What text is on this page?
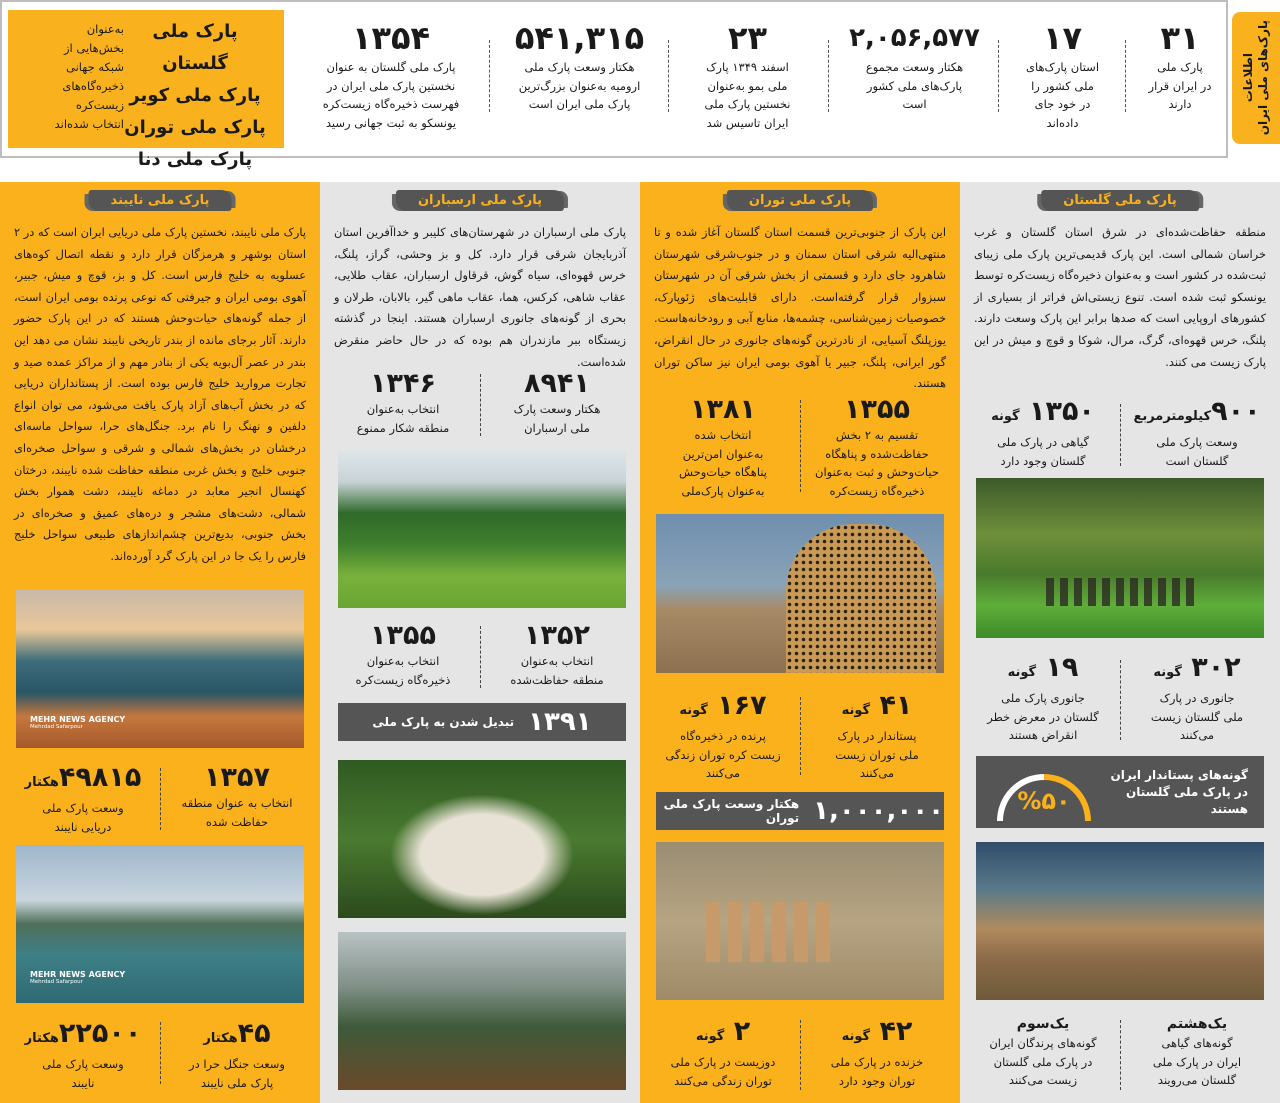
اطلاعات
پارک‌های ملی ایران
پارک ملی گلستان
پارک ملی کویر
پارک ملی توران
پارک ملی دنا
به‌عنوان
بخش‌هایی از
شبکه جهانی
ذخیره‌گاه‌های
زیست‌کره
انتخاب شده‌اند
۳۱
پارک ملی
در ایران قرار
دارند
۱۷
استان پارک‌های
ملی کشور را
در خود جای
داده‌اند
۲,۰۵۶,۵۷۷
هکتار وسعت مجموع
پارک‌های ملی کشور
است
۲۳
اسفند ۱۳۴۹ پارک
ملی بمو به‌عنوان
نخستین پارک ملی
ایران تاسیس شد
۵۴۱,۳۱۵
هکتار وسعت پارک ملی
ارومیه به‌عنوان بزرگ‌ترین
پارک ملی ایران است
۱۳۵۴
پارک ملی گلستان به عنوان
نخستین پارک ملی ایران در
فهرست ذخیره‌گاه زیست‌کره
یونسکو به ثبت جهانی رسید
پارک ملی گلستان
منطقه حفاظت‌شده‌ای در شرق استان گلستان و غرب خراسان شمالی است. این پارک قدیمی‌ترین پارک ملی زیبای ثبت‌شده در کشور است و به‌عنوان ذخیره‌گاه زیست‌کره توسط یونسکو ثبت شده است. تنوع زیستی‌اش فراتر از بسیاری از کشورهای اروپایی است که صدها برابر این پارک وسعت دارند. پلنگ، خرس قهوه‌ای، گرگ، مرال، شوکا و قوچ و میش در این پارک زیست می کنند.
۹۰۰کیلومترمربع
وسعت پارک ملی
گلستان است
۱۳۵۰ گونه
گیاهی در پارک ملی
گلستان وجود دارد
۳۰۲ گونه
جانوری در پارک
ملی گلستان زیست
می‌کنند
۱۹ گونه
جانوری پارک ملی
گلستان در معرض خطر
انقراض هستند
گونه‌های پستاندار ایران
در پارک ملی گلستان
هستند
%۵۰
یک‌هشتم
گونه‌های گیاهی
ایران در پارک ملی
گلستان می‌رویند
یک‌سوم
گونه‌های پرندگان ایران
در پارک ملی گلستان
زیست می‌کنند
پارک ملی توران
این پارک از جنوبی‌ترین قسمت استان گلستان آغاز شده و تا منتهی‌الیه شرقی استان سمنان و در جنوب‌شرقی شهرستان شاهرود جای دارد و قسمتی از بخش شرقی آن در شهرستان سبزوار قرار گرفته‌است. دارای قابلیت‌های ژئوپارک، خصوصیات زمین‌شناسی، چشمه‌ها، منابع آبی و رودخانه‌هاست. یوزپلنگ آسیایی، از نادرترین گونه‌های جانوری در حال انقراض، گور ایرانی، پلنگ، جبیر یا آهوی بومی ایران نیز ساکن توران هستند.
۱۳۵۵
تقسیم به ۲ بخش
حفاظت‌شده و پناهگاه
حیات‌وحش و ثبت به‌عنوان
ذخیره‌گاه زیست‌کره
۱۳۸۱
انتخاب شده
به‌عنوان امن‌ترین
پناهگاه حیات‌وحش
به‌عنوان پارک‌ملی
۴۱ گونه
پستاندار در پارک
ملی توران زیست
می‌کنند
۱۶۷ گونه
پرنده در ذخیره‌گاه
زیست کره توران زندگی
می‌کنند
۱,۰۰۰,۰۰۰
هکتار وسعت پارک ملی توران
۴۲ گونه
خزنده در پارک ملی
توران وجود دارد
۲ گونه
دوزیست در پارک ملی
توران زندگی می‌کنند
پارک ملی ارسباران
پارک ملی ارسباران در شهرستان‌های کلیبر و خداآفرین استان آذربایجان شرقی قرار دارد. کل و بز وحشی، گراز، پلنگ، خرس قهوه‌ای، سیاه گوش، قرقاول ارسباران، عقاب طلایی، عقاب شاهی، کرکس، هما، عقاب ماهی گیر، بالابان، طرلان و بحری از گونه‌های جانوری ارسباران هستند. اینجا در گذشته زیستگاه ببر مازندران هم بوده که در حال حاضر منقرض شده‌است.
۸۹۴۱
هکتار وسعت پارک
ملی ارسباران
۱۳۴۶
انتخاب به‌عنوان
منطقه شکار ممنوع
۱۳۵۲
انتخاب به‌عنوان
منطقه حفاظت‌شده
۱۳۵۵
انتخاب به‌عنوان
ذخیره‌گاه زیست‌کره
۱۳۹۱
تبدیل شدن به پارک ملی
پارک ملی نایبند
پارک ملی نایبند، نخستین پارک ملی دریایی ایران است که در ۲ استان بوشهر و هرمزگان قرار دارد و نقطه اتصال کوه‌های عسلویه به خلیج فارس است. کل و بز، قوچ و میش، جبیر، آهوی بومی ایران و جیرفتی که نوعی پرنده بومی ایران است، از جمله گونه‌های حیات‌وحش هستند که در این پارک حضور دارند. آثار برجای مانده از بندر تاریخی نایبند نشان می دهد این بندر در عصر آل‌بویه یکی از بنادر مهم و از مراکز عمده صید و تجارت مروارید خلیج فارس بوده است. از پستانداران دریایی که در بخش آب‌های آزاد پارک یافت می‌شود، می توان انواع دلفین و نهنگ را نام برد. جنگل‌های حرا، سواحل ماسه‌ای درخشان در بخش‌های شمالی و شرقی و سواحل صخره‌ای جنوبی خلیج و بخش غربی منطقه حفاظت شده نایبند، درختان کهنسال انجیر معابد در دماغه نایبند، دشت هموار بخش شمالی، دشت‌های مشجر و دره‌های عمیق و صخره‌ای در بخش جنوبی، بدیع‌ترین چشم‌اندازهای طبیعی سواحل خلیج فارس را یک جا در این پارک گرد آورده‌اند.
MEHR NEWS AGENCY
Mehrdad Safarpour
۱۳۵۷
انتخاب به عنوان منطقه
حفاظت شده
۴۹۸۱۵هکتار
وسعت پارک ملی
دریایی نایبند
MEHR NEWS AGENCY
Mehrdad Safarpour
۴۵هکتار
وسعت جنگل حرا در
پارک ملی نایبند
۲۲۵۰۰هکتار
وسعت پارک ملی
نایبند
